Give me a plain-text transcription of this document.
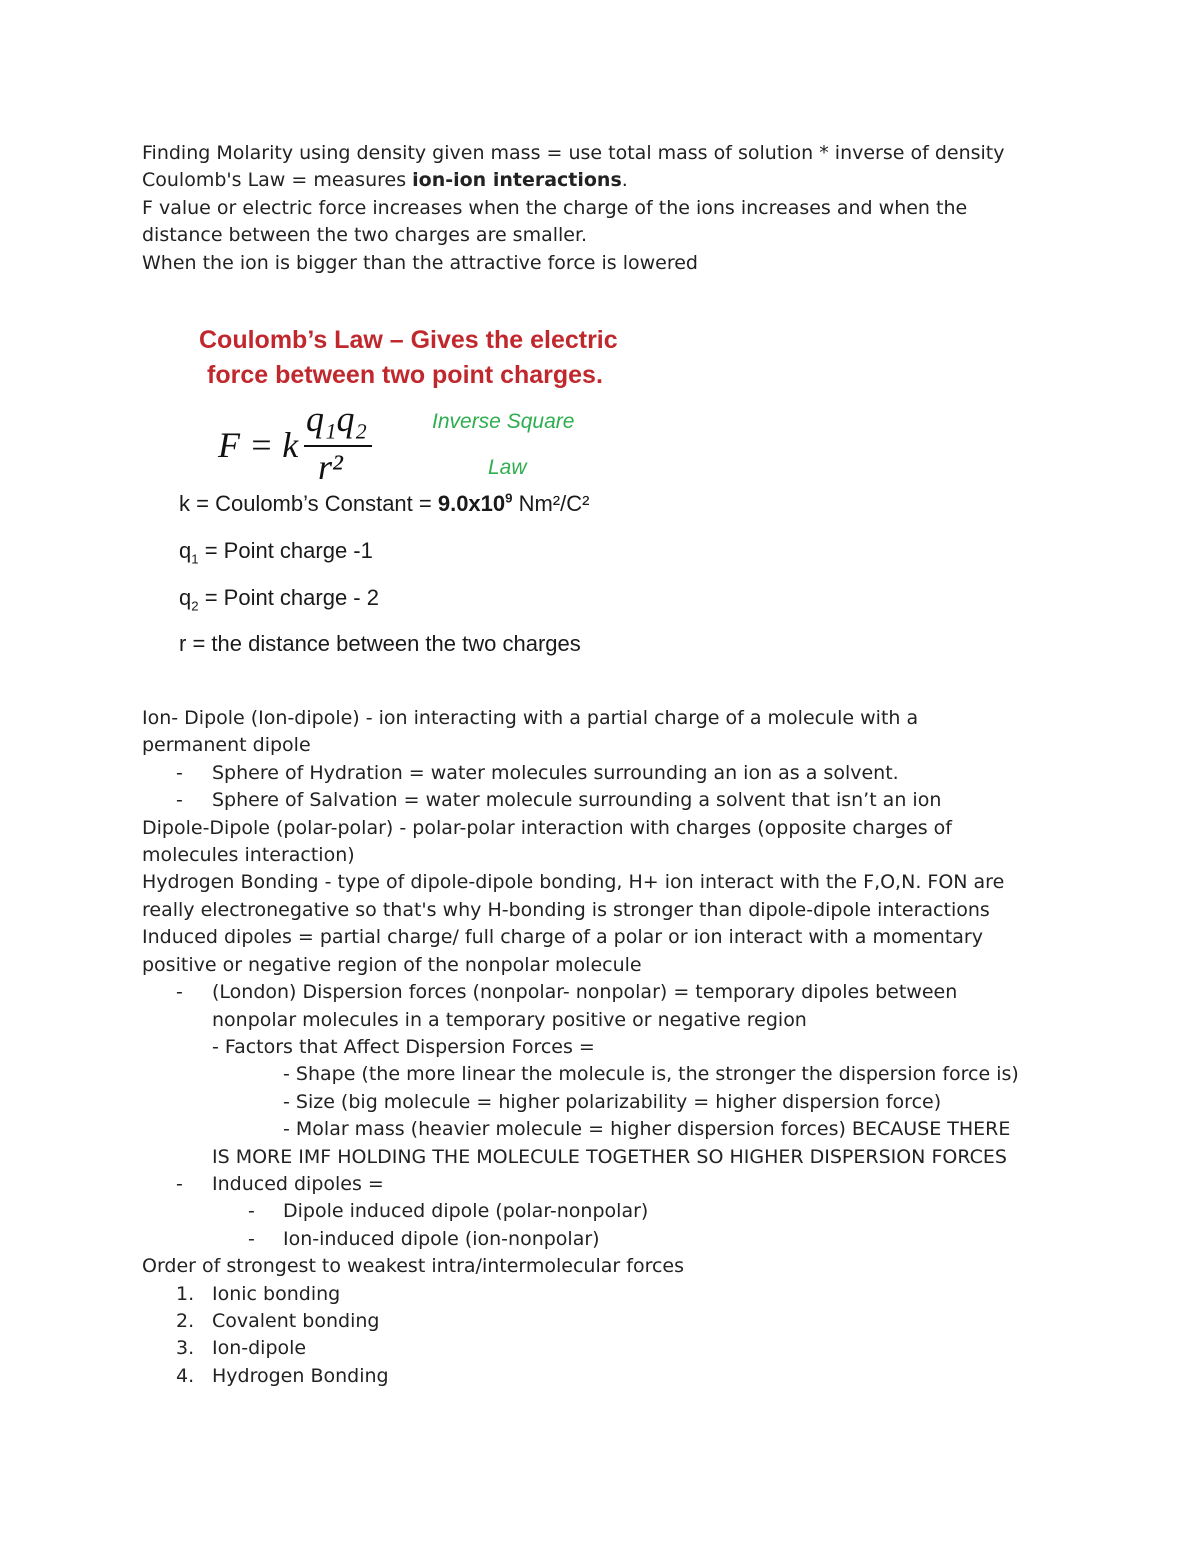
Finding Molarity using density given mass = use total mass of solution * inverse of density
Coulomb's Law = measures ion-ion interactions.
F value or electric force increases when the charge of the ions increases and when the
distance between the two charges are smaller.
When the ion is bigger than the attractive force is lowered
Coulomb’s Law – Gives the electric
force between two point charges.
F = k
q₁q₂
r²
Inverse Square
Law
k = Coulomb’s Constant = $9.0x10^9$ Nm²/C²
$q_1$ = Point charge -1
$q_2$ = Point charge - 2
r = the distance between the two charges
Ion- Dipole (Ion-dipole) - ion interacting with a partial charge of a molecule with a
permanent dipole
- Sphere of Hydration = water molecules surrounding an ion as a solvent.
- Sphere of Salvation = water molecule surrounding a solvent that isn’t an ion
Dipole-Dipole (polar-polar) - polar-polar interaction with charges (opposite charges of
molecules interaction)
Hydrogen Bonding - type of dipole-dipole bonding, H+ ion interact with the F,O,N. FON are
really electronegative so that's why H-bonding is stronger than dipole-dipole interactions
Induced dipoles = partial charge/ full charge of a polar or ion interact with a momentary
positive or negative region of the nonpolar molecule
- (London) Dispersion forces (nonpolar- nonpolar) = temporary dipoles between
nonpolar molecules in a temporary positive or negative region
- Factors that Affect Dispersion Forces =
- Shape (the more linear the molecule is, the stronger the dispersion force is)
- Size (big molecule = higher polarizability = higher dispersion force)
- Molar mass (heavier molecule = higher dispersion forces) BECAUSE THERE
IS MORE IMF HOLDING THE MOLECULE TOGETHER SO HIGHER DISPERSION FORCES
- Induced dipoles =
- Dipole induced dipole (polar-nonpolar)
- Ion-induced dipole (ion-nonpolar)
Order of strongest to weakest intra/intermolecular forces
1. Ionic bonding
2. Covalent bonding
3. Ion-dipole
4. Hydrogen Bonding
